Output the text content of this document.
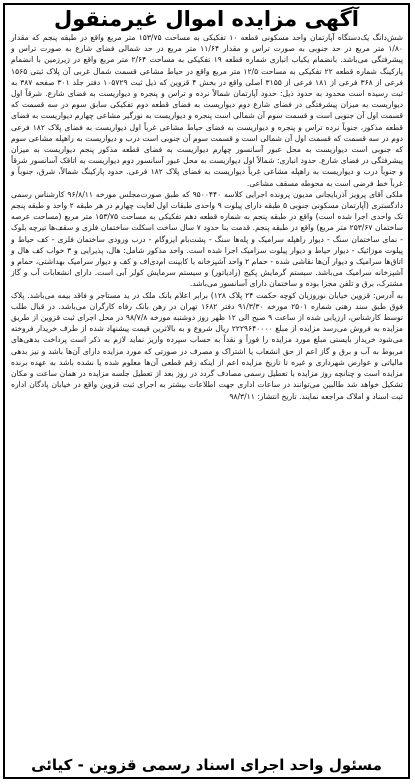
آگهی مزایده اموال غیرمنقول
شش‌دانگ یک‌دستگاه آپارتمان واحد مسکونی قطعه ۱۰ تفکیکی به مساحت ۱۵۳/۷۵ متر مربع واقع در طبقه پنجم که مقدار ۱/۸۰ متر مربع در حد جنوبی به صورت تراس و مقدار ۱۱/۶۴ متر مربع در حد شمالی فضای شارع به صورت تراس و پیشرفتگی می‌باشد. بانضمام یکباب انباری شماره قطعه ۱۹ تفکیکی به مساحت ۲/۶۴ متر مربع واقع در زیرزمین با انضمام پارکینگ شماره قطعه ۲۲ تفکیکی به مساحت ۱۲/۵ متر مربع واقع در حیاط مشاعی قسمت شمال غربی آن پلاک ثبتی ۱۵۶۵ فرعی از ۳۶۸ فرعی از ۱۸۱ فرعی از ۳۱۵۵ اصلی واقع در بخش ۴ قزوین که ذیل ثبت ۱۰۵۷۲۹ دفتر جلد ۳۰۱ صفحه ۳۸۷ به ثبت رسیده است محدود به حدود ذیل: حدود آپارتمان شمالاً نرده و تراس و پنجره و دیواریست به فضای شارع. شرقاً اول دیواریست به میزان پیشرفتگی در فضای شارع دوم دیواریست به فضای قطعه دوم تفکیکی سابق سوم در سه قسمت که قسمت اول آن جنوبی است و قسمت سوم آن شمالی است پنجره و دیواریست به نورگیر مشاعی چهارم دیواریست به فضای قطعه مذکور، جنوباً نرده تراس و پنجره و دیواریست به فضای حیاط مشاعی غرباً اول دیواریست به فضای پلاک ۱۸۲ فرعی دوم در سه قسمت که قسمت اول آن شمالی است و قسمت سوم آن جنوبی است درب و دیواریست به راهپله مشاعی سوم که جنوبی است دیواریست به محل عبور آسانسور چهارم دیواریست به فضای قطعه مذکور پنجم دیواریست به میزان پیشرفتگی در فضای شارع. حدود انباری: شمالاً اول دیواریست به محل عبور آسانسور دوم دیواریست به اتاقک آسانسور شرقاً و جنوباً درب و دیواریست به راهپله مشاعی غرباً دیواریست به فضای پلاک ۱۸۲ فرعی. حدود پارکینگ شمالاً، شرق، جنوباً و غرباً خط فرضی است به محوطه مسقف مشاعی.
ملکی آقای پرویز آذربایجانی مدیون پرونده اجرایی کلاسه ۹۵۰۰۴۴۰ که طبق صورت‌مجلس مورخه ۹۶/۸/۱۱ کارشناس رسمی دادگستری (آپارتمان مسکونی جنوبی ۵ طبقه دارای پیلوت ۹ واحدی طبقات اول لغایت چهارم در هر طبقه ۲ واحد و طبقه پنجم تک واحدی اجرا شده است) واقع در طبقه پنجم به شماره قطعه دهم تفکیکی به مساحت ۱۵۳/۷۵ متر مربع (مساحت عرصه ساختمان ۲۵۳/۶۷ متر مربع) واقع در طبقه پنجم. قدمت بنا حدود ۷ سال ساخت اسکلت ساختمان فلزی و سقف‌ها تیرچه بلوک - نمای ساختمان سنگ - دیوار راهپله سرامیک و پله‌ها سنگ - پشت‌بام ایزوگام - درب ورودی ساختمان فلزی - کف حیاط و پیلوت موزائیک - دیوار حیاط و دیوار پیلوت سرامیک اجرا شده است. واحد مذکور شامل: هال، پذیرایی و ۳ خواب کف هال و اتاق‌ها سرامیک و دیوار آن‌ها نقاشی شده - حمام ۲ واحد آشپزخانه با کابینت ام‌دی‌اف و کف و دیوار سرامیک بهداشتی، حمام و آشپزخانه سرامیک می‌باشد. سیستم گرمایش پکیج (رادیاتور) و سیستم سرمایش کولر آبی است. دارای انشعابات آب و گاز مشترک، برق و تلفن مجزا بوده و ساختمان دارای آسانسور می‌باشد.
به آدرس: قزوین خیابان نوروزیان کوچه حکمت ۲۴ پلاک ۱۲۸) برابر اعلام بانک ملک در ید مستاجر و فاقد بیمه می‌باشد. پلاک فوق طبق سند رهنی شماره ۲۵۰۱ مورخه ۹۱/۳/۳۰ دفتر ۱۶۸۲ تهران در رهن بانک رفاه کارگران می‌باشد. در قبال طلب توسط کارشناس، ارزیابی شده از ساعت ۹ صبح الی ۱۲ ظهر روز دوشنبه مورخه ۹۸/۷/۸ در محل اجرای ثبت قزوین از طریق مزایده به فروش می‌رسد مزایده از مبلغ ۲۲۲۹۶۴۰۰۰۰ ریال شروع و به بالاترین قیمت پیشنهاد شده از طرف خریدار فروخته می‌شود خریدار بایستی مبلغ مورد مزایده را فوراً و نقداً به حساب سپرده واریز نماید لازم به ذکر است پرداخت بدهی‌های مربوط به آب و برق و گاز اعم از حق انشعاب یا اشتراک و مصرف در صورتی که مورد مزایده دارای آن‌ها باشد و نیز بدهی مالیاتی و عوارض شهرداری و غیره تا تاریخ مزایده اعم از اینکه رقم قطعی آن‌ها معلوم شده یا نشده باشد به عهده برنده مزایده است و چنانچه روز مزایده با تعطیل رسمی مصادف گردد در روز بعد از تعطیل جلسه مزایده در همان ساعت و مکان تشکیل خواهد شد طالبین می‌توانند در ساعات اداری جهت اطلاعات بیشتر به اجرای ثبت قزوین واقع در خیابان پادگان اداره ثبت اسناد و املاک مراجعه نمایند. تاریخ انتشار: ۹۸/۳/۱۱
مسئول واحد اجرای اسناد رسمی قزوین - کیائی
